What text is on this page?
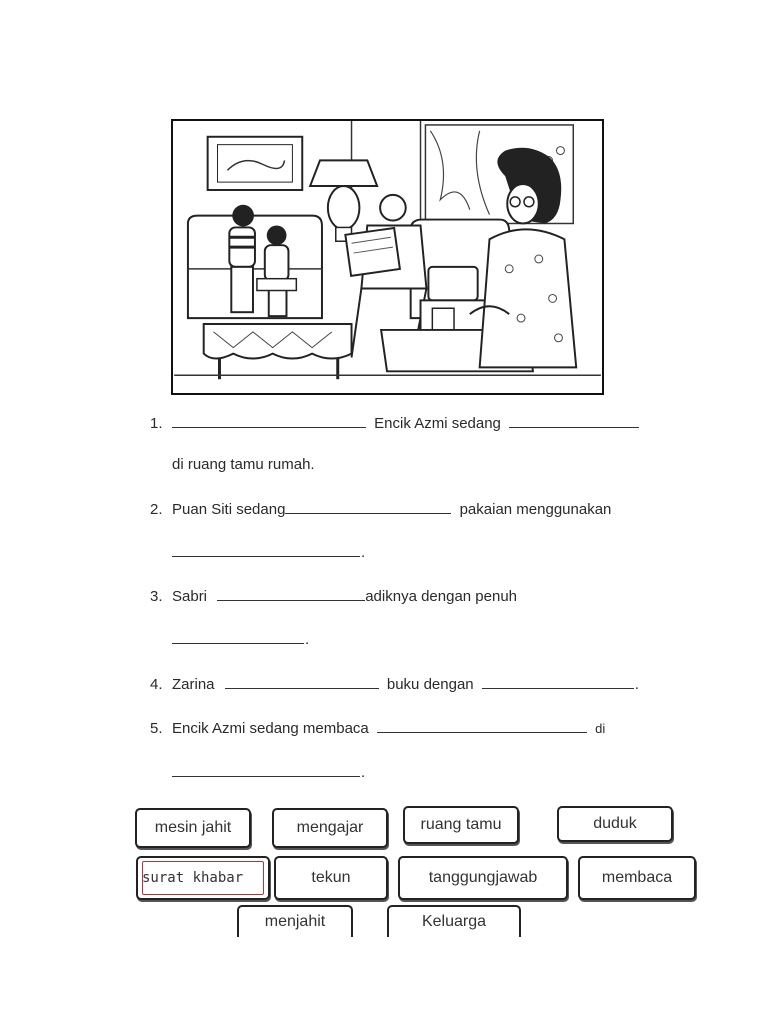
1.	Encik Azmi sedang
di ruang tamu rumah.
2. Puan Siti sedang	pakaian menggunakan
.
3. Sabri	adiknya dengan penuh
.
4. Zarina	buku dengan	.
5. Encik Azmi sedang membaca	di
.
mesin jahit	mengajar	ruang tamu	duduk
surat khabar	tekun	tanggungjawab	membaca
menjahit	Keluarga
